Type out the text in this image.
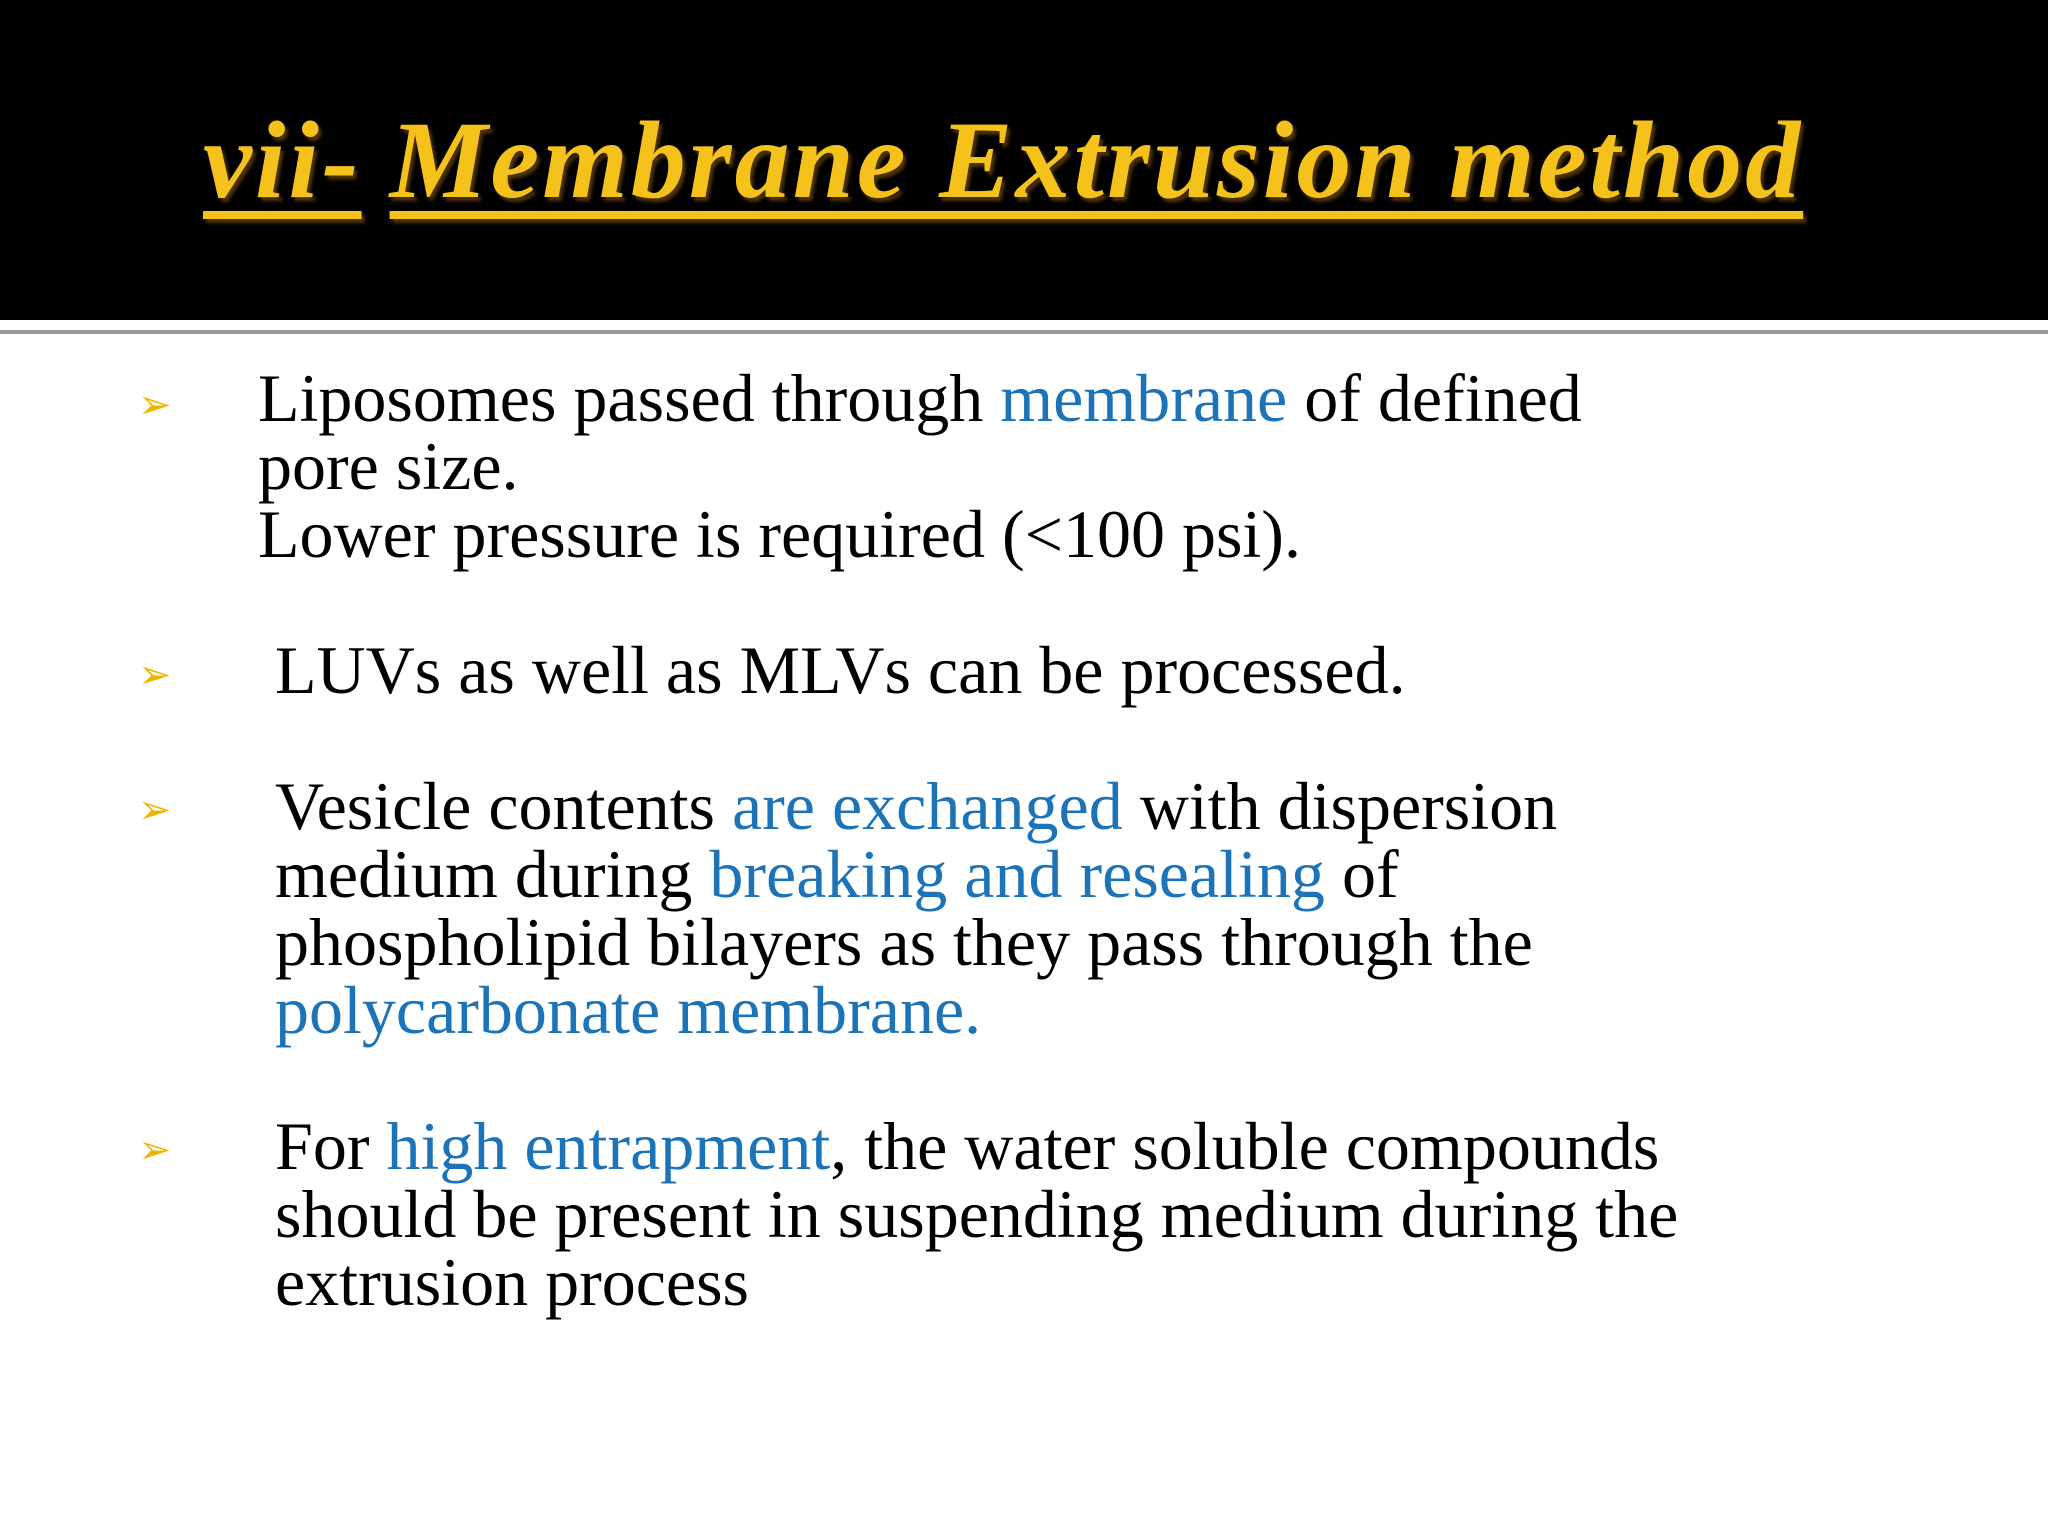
vii- Membrane Extrusion method
➢ Liposomes passed through membrane of defined
pore size.
Lower pressure is required (<100 psi).
➢ LUVs as well as MLVs can be processed.
➢ Vesicle contents are exchanged with dispersion
medium during breaking and resealing of
phospholipid bilayers as they pass through the
polycarbonate membrane.
➢ For high entrapment, the water soluble compounds
should be present in suspending medium during the
extrusion process
